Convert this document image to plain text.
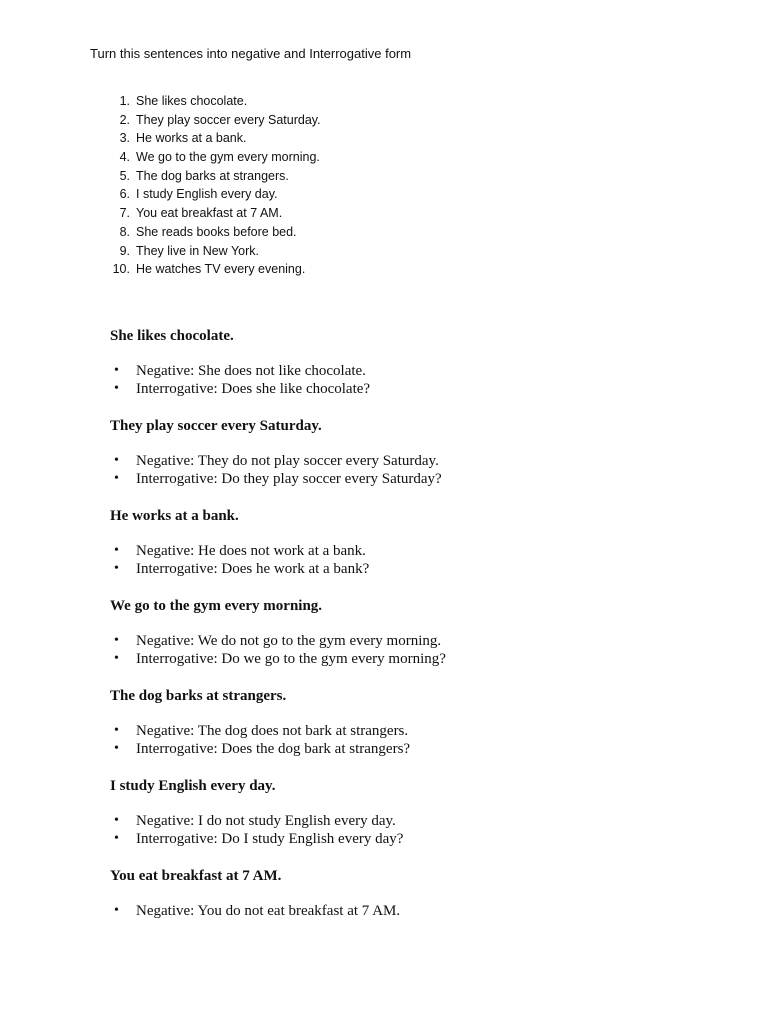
Turn this sentences into negative and Interrogative form

1. She likes chocolate.
2. They play soccer every Saturday.
3. He works at a bank.
4. We go to the gym every morning.
5. The dog barks at strangers.
6. I study English every day.
7. You eat breakfast at 7 AM.
8. She reads books before bed.
9. They live in New York.
10. He watches TV every evening.
She likes chocolate.
• Negative: She does not like chocolate.
• Interrogative: Does she like chocolate?
They play soccer every Saturday.
• Negative: They do not play soccer every Saturday.
• Interrogative: Do they play soccer every Saturday?
He works at a bank.
• Negative: He does not work at a bank.
• Interrogative: Does he work at a bank?
We go to the gym every morning.
• Negative: We do not go to the gym every morning.
• Interrogative: Do we go to the gym every morning?
The dog barks at strangers.
• Negative: The dog does not bark at strangers.
• Interrogative: Does the dog bark at strangers?
I study English every day.
• Negative: I do not study English every day.
• Interrogative: Do I study English every day?
You eat breakfast at 7 AM.
• Negative: You do not eat breakfast at 7 AM.
